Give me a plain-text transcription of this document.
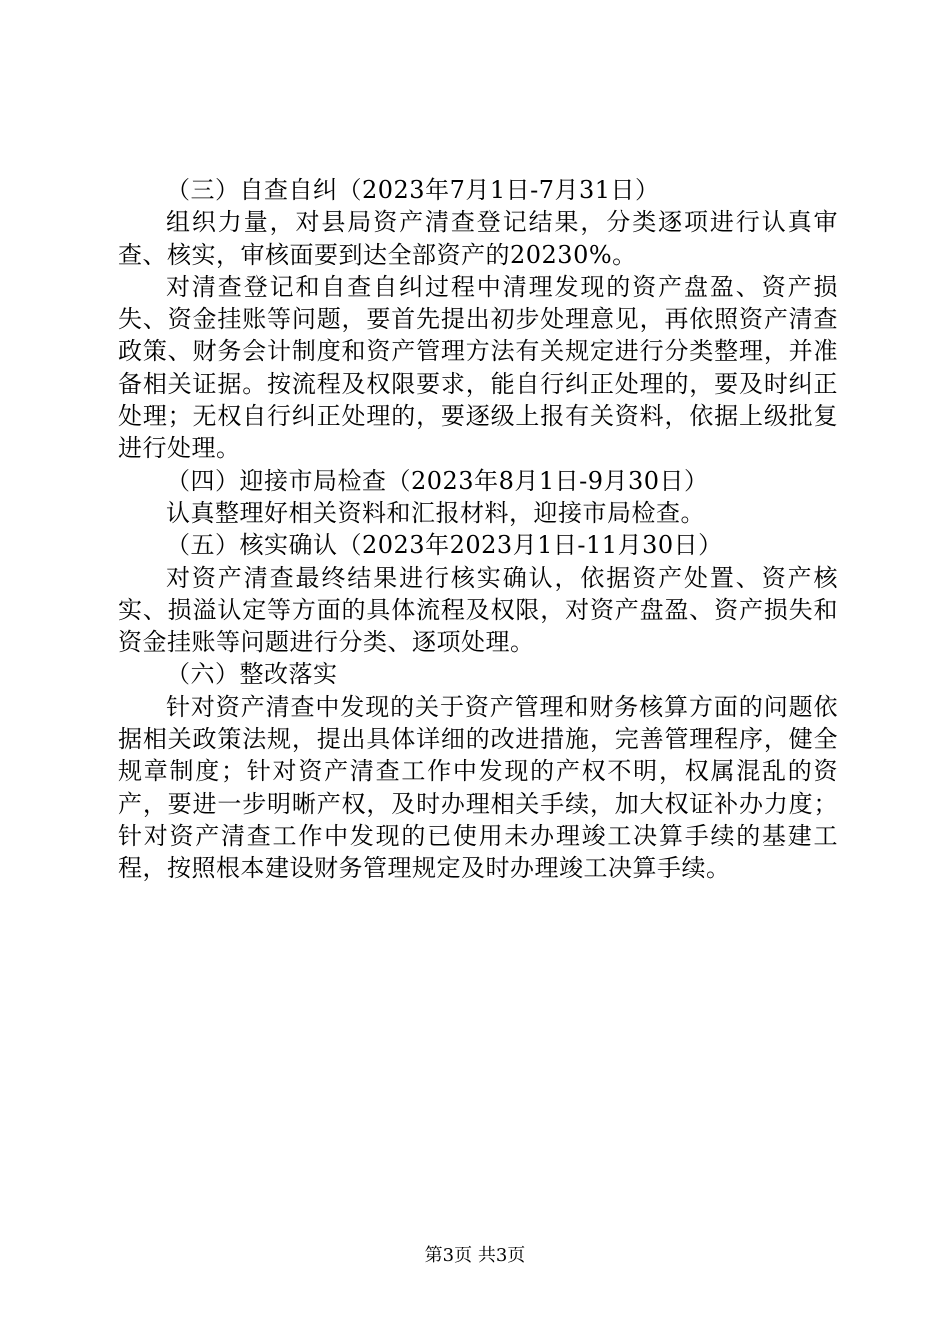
（三）自查自纠（2023年7月1日-7月31日）

组织力量，对县局资产清查登记结果，分类逐项进行认真审查、核实，审核面要到达全部资产的20230%。

对清查登记和自查自纠过程中清理发现的资产盘盈、资产损失、资金挂账等问题，要首先提出初步处理意见，再依照资产清查政策、财务会计制度和资产管理方法有关规定进行分类整理，并准备相关证据。按流程及权限要求，能自行纠正处理的，要及时纠正处理；无权自行纠正处理的，要逐级上报有关资料，依据上级批复进行处理。

（四）迎接市局检查（2023年8月1日-9月30日）

认真整理好相关资料和汇报材料，迎接市局检查。

（五）核实确认（2023年2023月1日-11月30日）

对资产清查最终结果进行核实确认，依据资产处置、资产核实、损溢认定等方面的具体流程及权限，对资产盘盈、资产损失和资金挂账等问题进行分类、逐项处理。

（六）整改落实

针对资产清查中发现的关于资产管理和财务核算方面的问题依据相关政策法规，提出具体详细的改进措施，完善管理程序，健全规章制度；针对资产清查工作中发现的产权不明，权属混乱的资产，要进一步明晰产权，及时办理相关手续，加大权证补办力度；针对资产清查工作中发现的已使用未办理竣工决算手续的基建工程，按照根本建设财务管理规定及时办理竣工决算手续。

第3页 共3页
